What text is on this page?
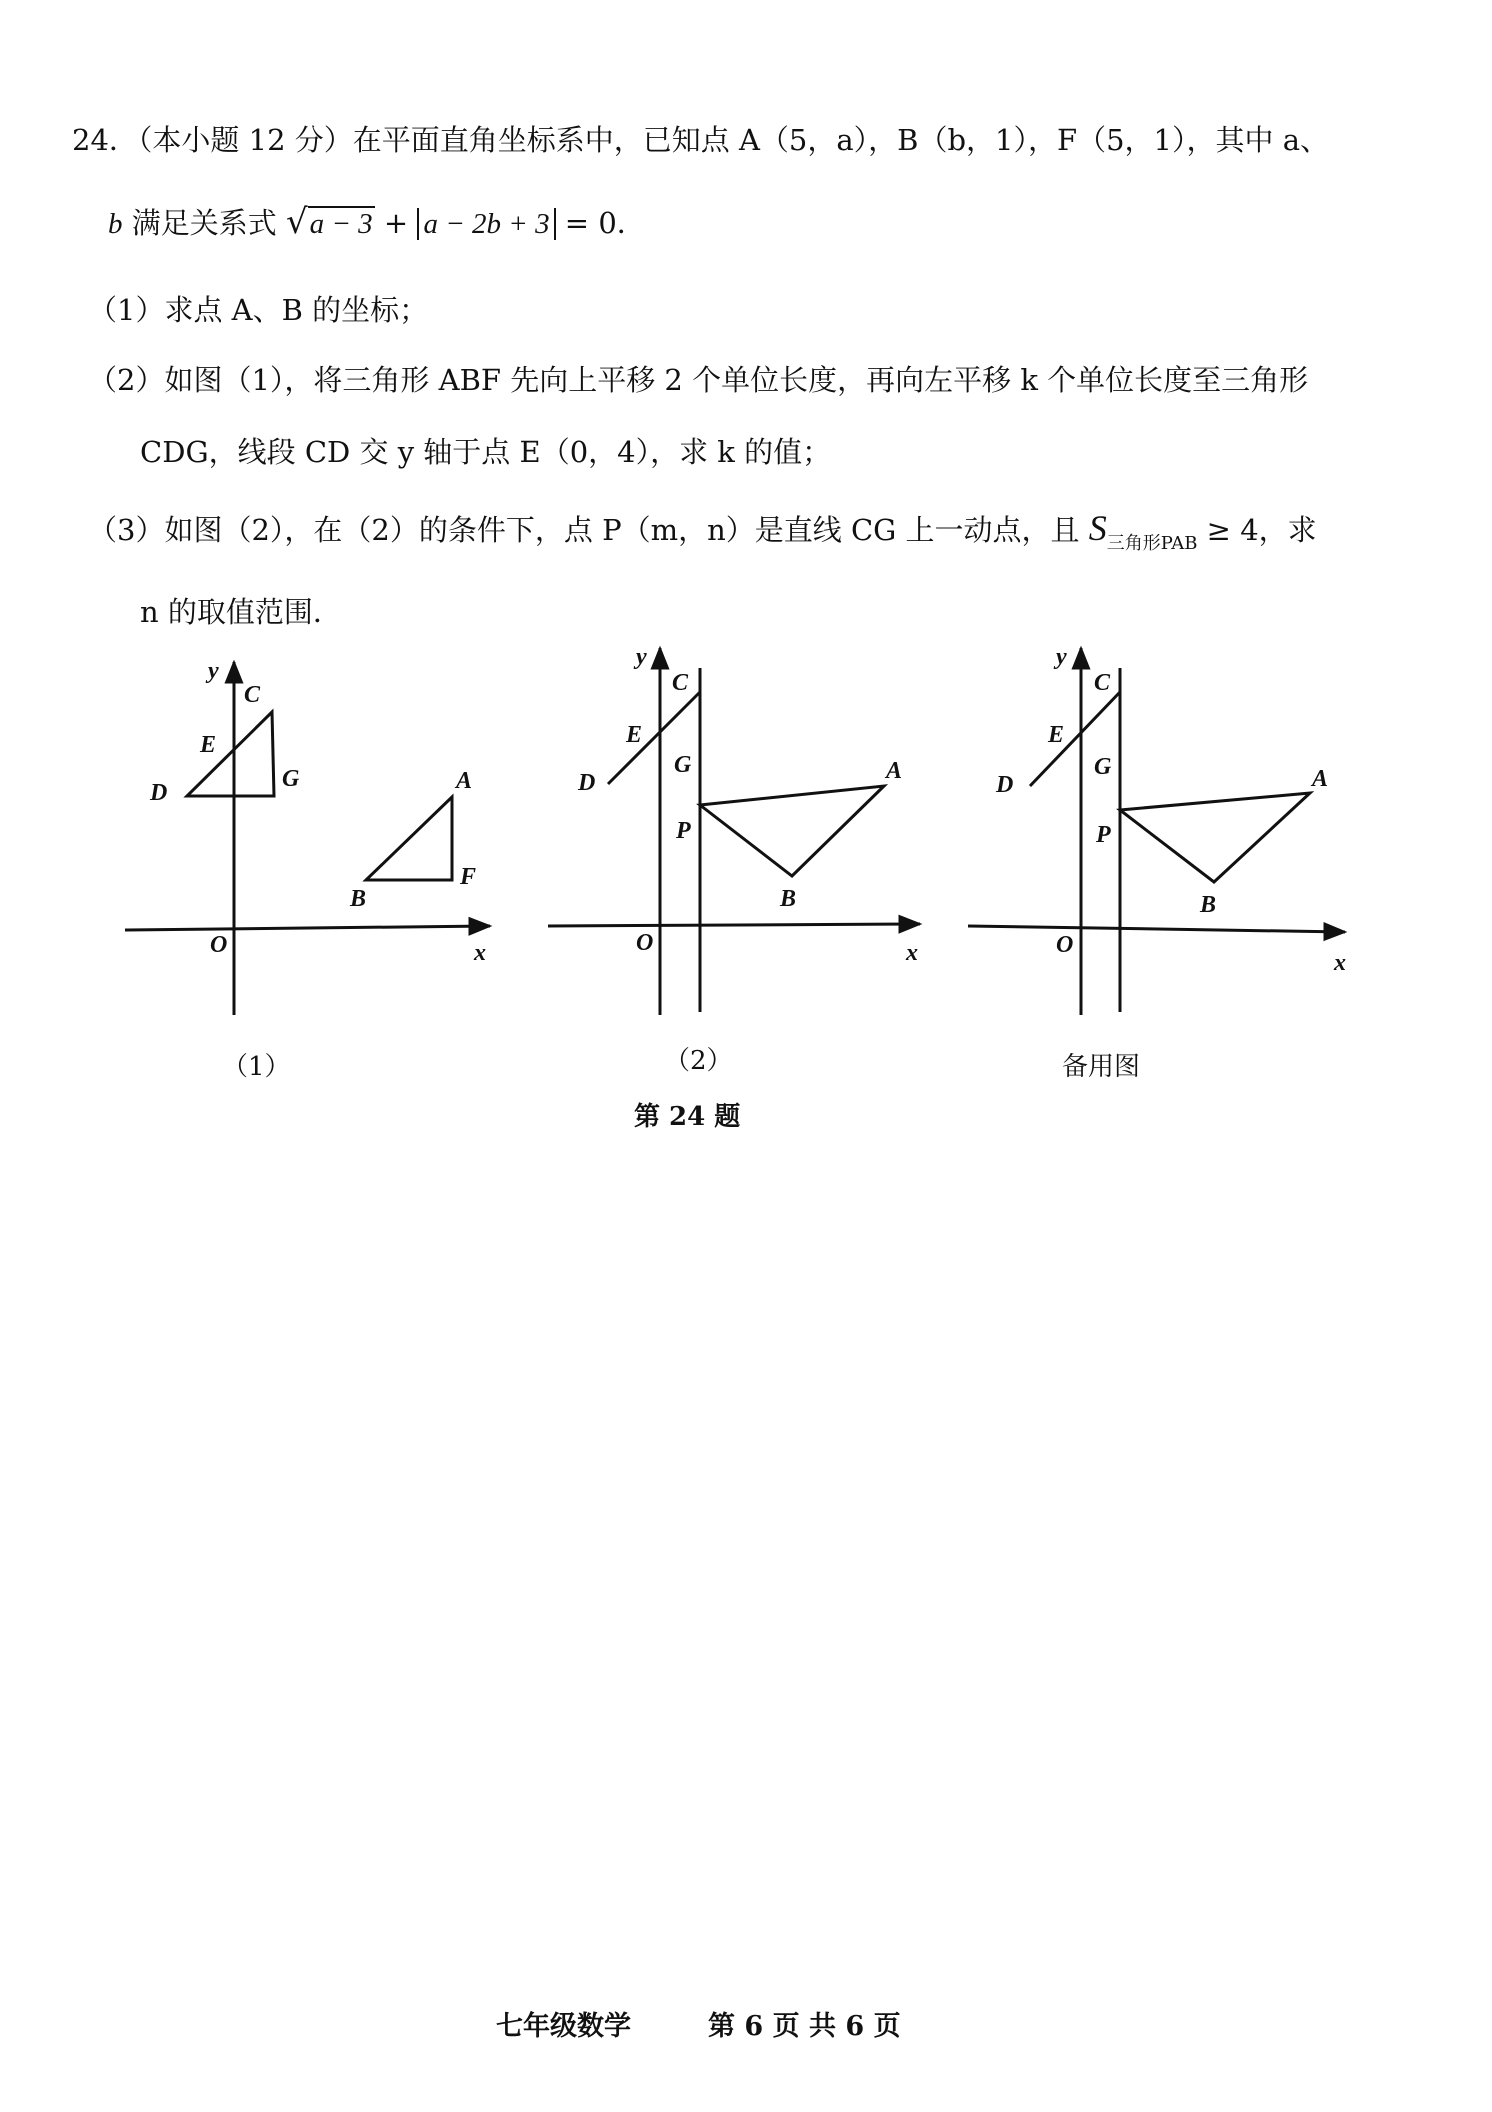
24．（本小题 12 分）在平面直角坐标系中，已知点 A（5，a），B（b，1），F（5，1），其中 a、
b 满足关系式 √a − 3 + a − 2b + 3 = 0．
（1）求点 A、B 的坐标；
（2）如图（1），将三角形 ABF 先向上平移 2 个单位长度，再向左平移 k 个单位长度至三角形
CDG，线段 CD 交 y 轴于点 E（0，4），求 k 的值；
（3）如图（2），在（2）的条件下，点 P（m，n）是直线 CG 上一动点，且 $S_{三角形PAB} \ge 4$，求
n 的取值范围．
y
x
O
C
E
G
D	A
F
B
y
x
O
C
E
G
D
P
A
B
y
x
O
C
E
G
D
P
A
B
（1）	（2）	备用图
第 24 题
七年级数学	第 6 页 共 6 页
